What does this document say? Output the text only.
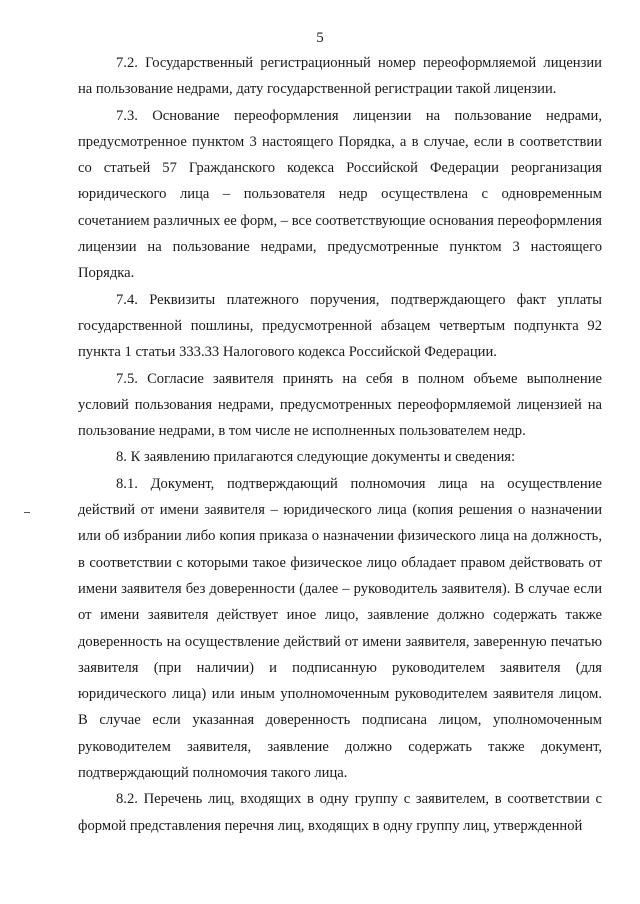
5

7.2. Государственный регистрационный номер переоформляемой лицензии на пользование недрами, дату государственной регистрации такой лицензии.

7.3. Основание переоформления лицензии на пользование недрами, предусмотренное пунктом 3 настоящего Порядка, а в случае, если в соответствии со статьей 57 Гражданского кодекса Российской Федерации реорганизация юридического лица – пользователя недр осуществлена с одновременным сочетанием различных ее форм, – все соответствующие основания переоформления лицензии на пользование недрами, предусмотренные пунктом 3 настоящего Порядка.

7.4. Реквизиты платежного поручения, подтверждающего факт уплаты государственной пошлины, предусмотренной абзацем четвертым подпункта 92 пункта 1 статьи 333.33 Налогового кодекса Российской Федерации.

7.5. Согласие заявителя принять на себя в полном объеме выполнение условий пользования недрами, предусмотренных переоформляемой лицензией на пользование недрами, в том числе не исполненных пользователем недр.

8. К заявлению прилагаются следующие документы и сведения:

8.1. Документ, подтверждающий полномочия лица на осуществление действий от имени заявителя – юридического лица (копия решения о назначении или об избрании либо копия приказа о назначении физического лица на должность, в соответствии с которыми такое физическое лицо обладает правом действовать от имени заявителя без доверенности (далее – руководитель заявителя). В случае если от имени заявителя действует иное лицо, заявление должно содержать также доверенность на осуществление действий от имени заявителя, заверенную печатью заявителя (при наличии) и подписанную руководителем заявителя (для юридического лица) или иным уполномоченным руководителем заявителя лицом. В случае если указанная доверенность подписана лицом, уполномоченным руководителем заявителя, заявление должно содержать также документ, подтверждающий полномочия такого лица.

8.2. Перечень лиц, входящих в одну группу с заявителем, в соответствии с формой представления перечня лиц, входящих в одну группу лиц, утвержденной
